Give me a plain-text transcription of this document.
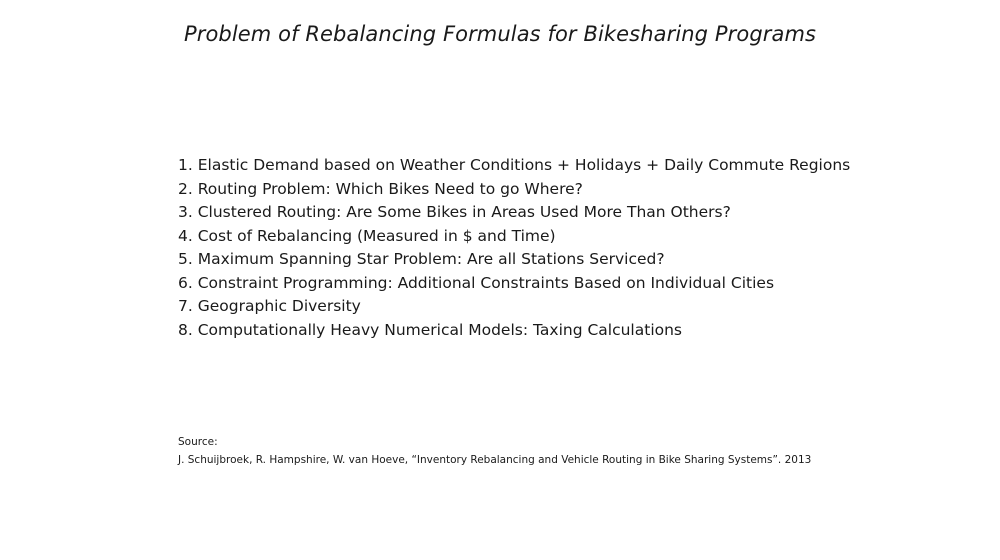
Problem of Rebalancing Formulas for Bikesharing Programs
1. Elastic Demand based on Weather Conditions + Holidays + Daily Commute Regions
2. Routing Problem: Which Bikes Need to go Where?
3. Clustered Routing: Are Some Bikes in Areas Used More Than Others?
4. Cost of Rebalancing (Measured in $ and Time)
5. Maximum Spanning Star Problem: Are all Stations Serviced?
6. Constraint Programming: Additional Constraints Based on Individual Cities
7. Geographic Diversity
8. Computationally Heavy Numerical Models: Taxing Calculations
Source:
J. Schuijbroek, R. Hampshire, W. van Hoeve, “Inventory Rebalancing and Vehicle Routing in Bike Sharing Systems”. 2013
